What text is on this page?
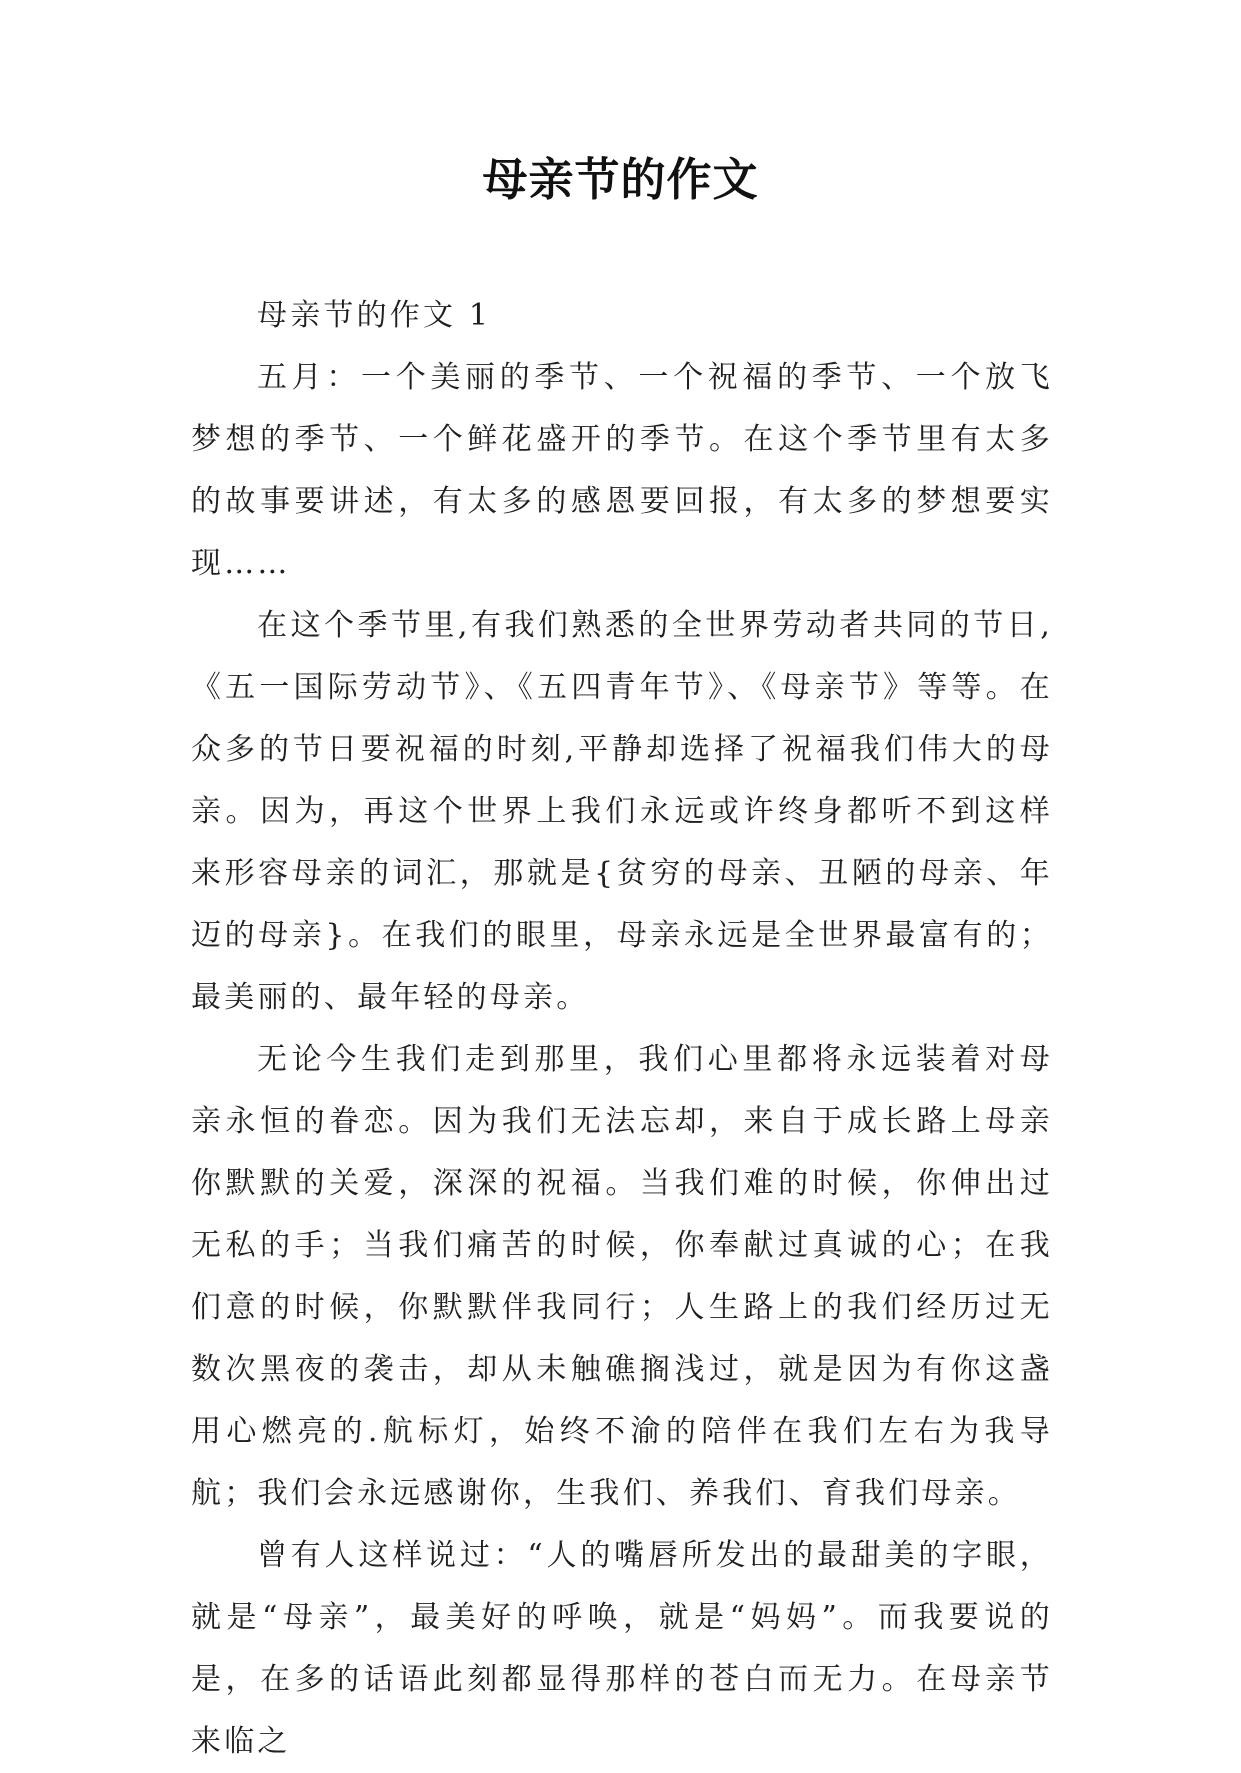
母亲节的作文

母亲节的作文 1

五月：一个美丽的季节、一个祝福的季节、一个放飞梦想的季节、一个鲜花盛开的季节。在这个季节里有太多的故事要讲述，有太多的感恩要回报，有太多的梦想要实现……

在这个季节里,有我们熟悉的全世界劳动者共同的节日,《五一国际劳动节》、《五四青年节》、《母亲节》等等。在众多的节日要祝福的时刻,平静却选择了祝福我们伟大的母亲。因为，再这个世界上我们永远或许终身都听不到这样来形容母亲的词汇，那就是{贫穷的母亲、丑陋的母亲、年迈的母亲}。在我们的眼里，母亲永远是全世界最富有的；最美丽的、最年轻的母亲。

无论今生我们走到那里，我们心里都将永远装着对母亲永恒的眷恋。因为我们无法忘却，来自于成长路上母亲你默默的关爱，深深的祝福。当我们难的时候，你伸出过无私的手；当我们痛苦的时候，你奉献过真诚的心；在我们意的时候，你默默伴我同行；人生路上的我们经历过无数次黑夜的袭击，却从未触礁搁浅过，就是因为有你这盏用心燃亮的.航标灯，始终不渝的陪伴在我们左右为我导航；我们会永远感谢你，生我们、养我们、育我们母亲。

曾有人这样说过：“人的嘴唇所发出的最甜美的字眼，就是“母亲”，最美好的呼唤，就是“妈妈”。而我要说的是，在多的话语此刻都显得那样的苍白而无力。在母亲节来临之
